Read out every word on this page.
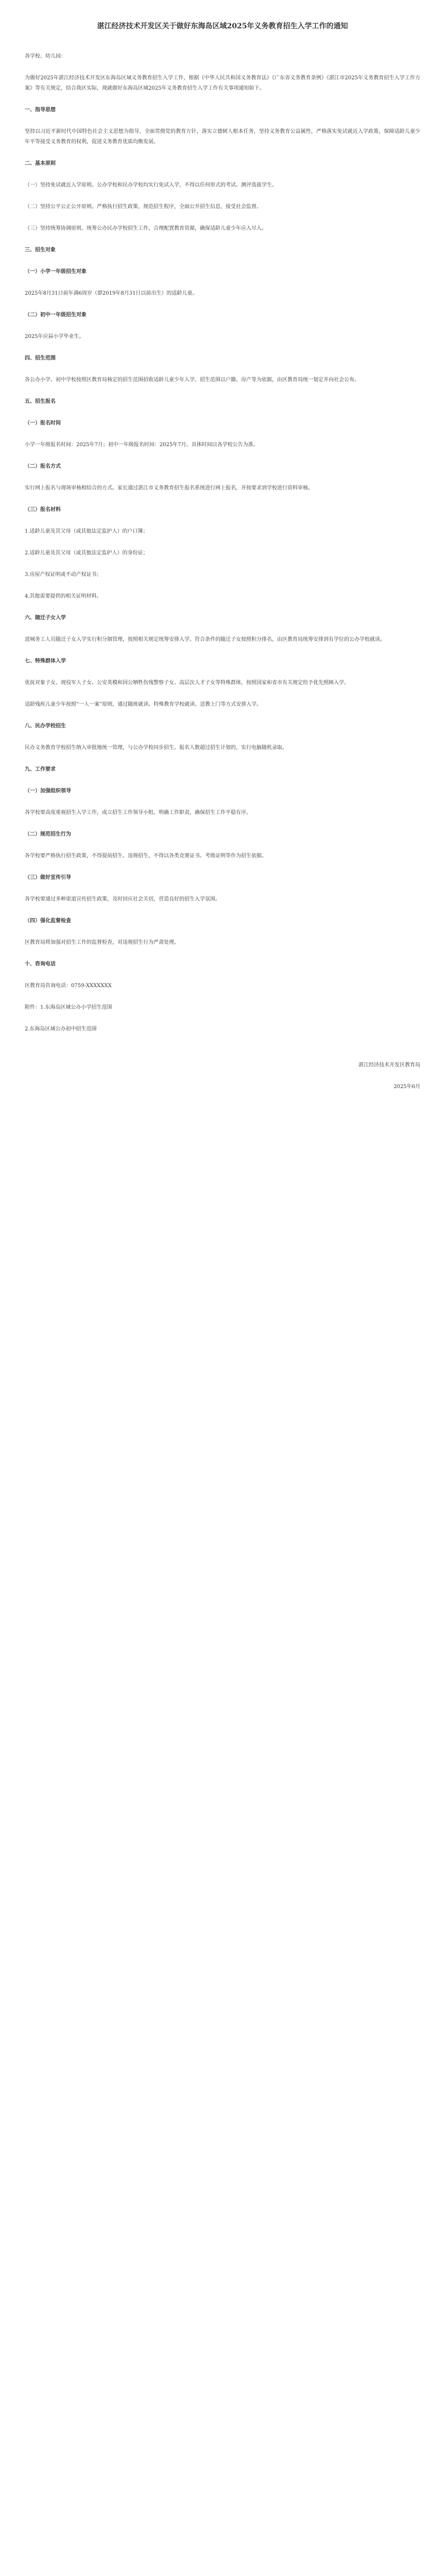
湛江经济技术开发区关于做好东海岛区域2025年义务教育招生入学工作的通知

各学校、幼儿园：

为做好2025年湛江经济技术开发区东海岛区域义务教育招生入学工作，根据《中华人民共和国义务教育法》《广东省义务教育条例》《湛江市2025年义务教育招生入学工作方案》等有关规定，结合我区实际，现就做好东海岛区域2025年义务教育招生入学工作有关事项通知如下。

一、指导思想

坚持以习近平新时代中国特色社会主义思想为指导，全面贯彻党的教育方针，落实立德树人根本任务，坚持义务教育公益属性，严格落实免试就近入学政策，保障适龄儿童少年平等接受义务教育的权利，促进义务教育优质均衡发展。

二、基本原则

（一）坚持免试就近入学原则。公办学校和民办学校均实行免试入学，不得以任何形式的考试、测评选拔学生。

（二）坚持公平公正公开原则。严格执行招生政策，规范招生程序，全面公开招生信息，接受社会监督。

（三）坚持统筹协调原则。统筹公办民办学校招生工作，合理配置教育资源，确保适龄儿童少年应入尽入。

三、招生对象

（一）小学一年级招生对象

2025年8月31日前年满6周岁（即2019年8月31日以前出生）的适龄儿童。

（二）初中一年级招生对象

2025年应届小学毕业生。

四、招生范围

各公办小学、初中学校按照区教育局核定的招生范围招收适龄儿童少年入学。招生范围以户籍、房产等为依据，由区教育局统一划定并向社会公布。

五、招生报名

（一）报名时间

小学一年级报名时间：2025年7月；初中一年级报名时间：2025年7月。具体时间以各学校公告为准。

（二）报名方式

实行网上报名与现场审核相结合的方式。家长通过湛江市义务教育招生报名系统进行网上报名，并按要求到学校进行资料审核。

（三）报名材料

1.适龄儿童及其父母（或其他法定监护人）的户口簿；

2.适龄儿童及其父母（或其他法定监护人）的身份证；

3.房屋产权证明或不动产权证书；

4.其他需要提供的相关证明材料。

六、随迁子女入学

进城务工人员随迁子女入学实行积分制管理，按照相关规定统筹安排入学。符合条件的随迁子女按照积分排名，由区教育局统筹安排到有学位的公办学校就读。

七、特殊群体入学

优抚对象子女、现役军人子女、公安英模和因公牺牲伤残警察子女、高层次人才子女等特殊群体，按照国家和省市有关规定给予优先照顾入学。

适龄残疾儿童少年按照“一人一案”原则，通过随班就读、特殊教育学校就读、送教上门等方式安排入学。

八、民办学校招生

民办义务教育学校招生纳入审批地统一管理，与公办学校同步招生。报名人数超过招生计划的，实行电脑随机录取。

九、工作要求

（一）加强组织领导

各学校要高度重视招生入学工作，成立招生工作领导小组，明确工作职责，确保招生工作平稳有序。

（二）规范招生行为

各学校要严格执行招生政策，不得提前招生、违规招生，不得以各类竞赛证书、考级证明等作为招生依据。

（三）做好宣传引导

各学校要通过多种渠道宣传招生政策，及时回应社会关切，营造良好的招生入学氛围。

（四）强化监督检查

区教育局将加强对招生工作的监督检查，对违规招生行为严肃处理。

十、咨询电话

区教育局咨询电话：0759-XXXXXXX

附件：1.东海岛区域公办小学招生范围

2.东海岛区域公办初中招生范围

湛江经济技术开发区教育局

2025年6月
